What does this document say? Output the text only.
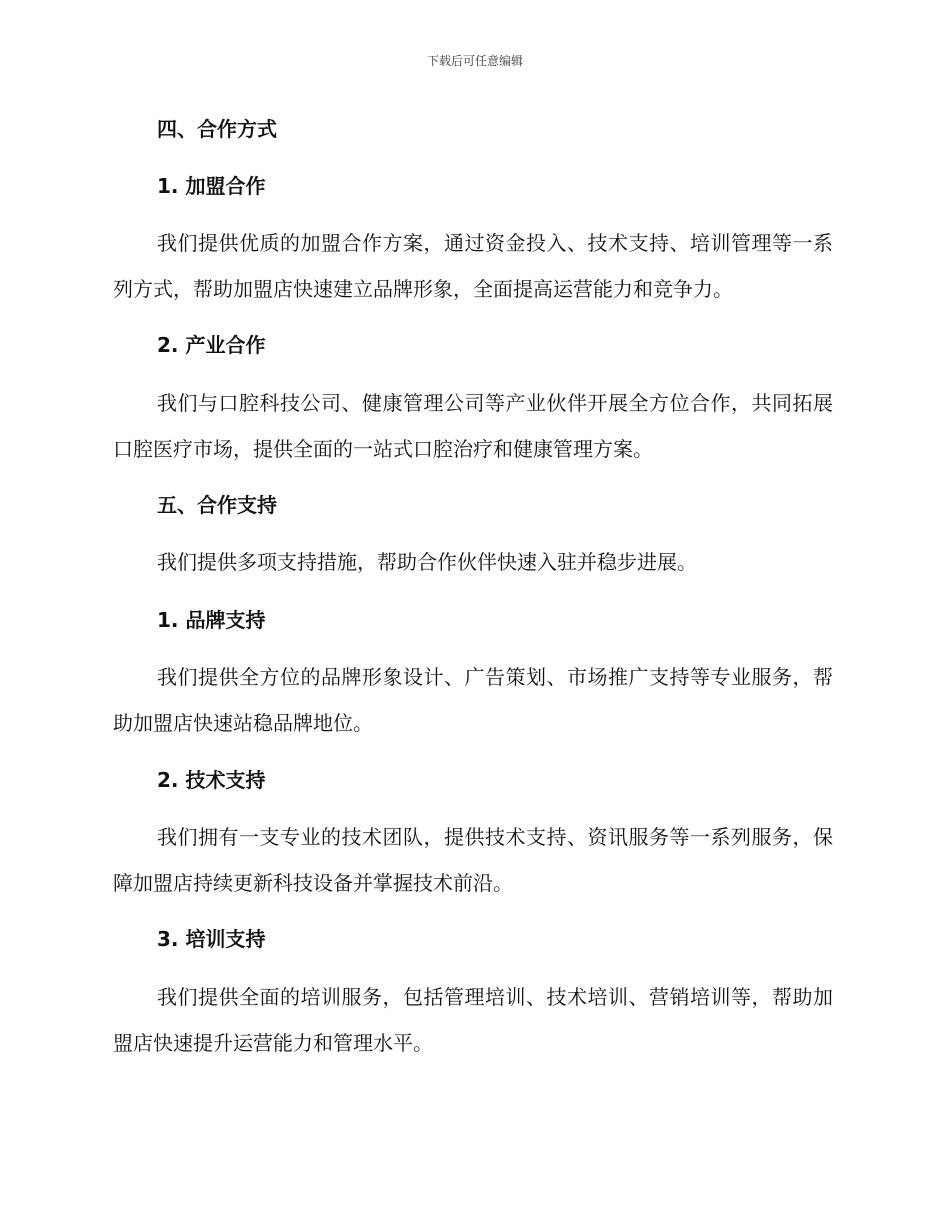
下载后可任意编辑
四、合作方式
1. 加盟合作

我们提供优质的加盟合作方案，通过资金投入、技术支持、培训管理等一系列方式，帮助加盟店快速建立品牌形象，全面提高运营能力和竞争力。

2. 产业合作

我们与口腔科技公司、健康管理公司等产业伙伴开展全方位合作，共同拓展口腔医疗市场，提供全面的一站式口腔治疗和健康管理方案。

五、合作支持

我们提供多项支持措施，帮助合作伙伴快速入驻并稳步进展。

1. 品牌支持

我们提供全方位的品牌形象设计、广告策划、市场推广支持等专业服务，帮助加盟店快速站稳品牌地位。

2. 技术支持

我们拥有一支专业的技术团队，提供技术支持、资讯服务等一系列服务，保障加盟店持续更新科技设备并掌握技术前沿。

3. 培训支持

我们提供全面的培训服务，包括管理培训、技术培训、营销培训等，帮助加盟店快速提升运营能力和管理水平。
